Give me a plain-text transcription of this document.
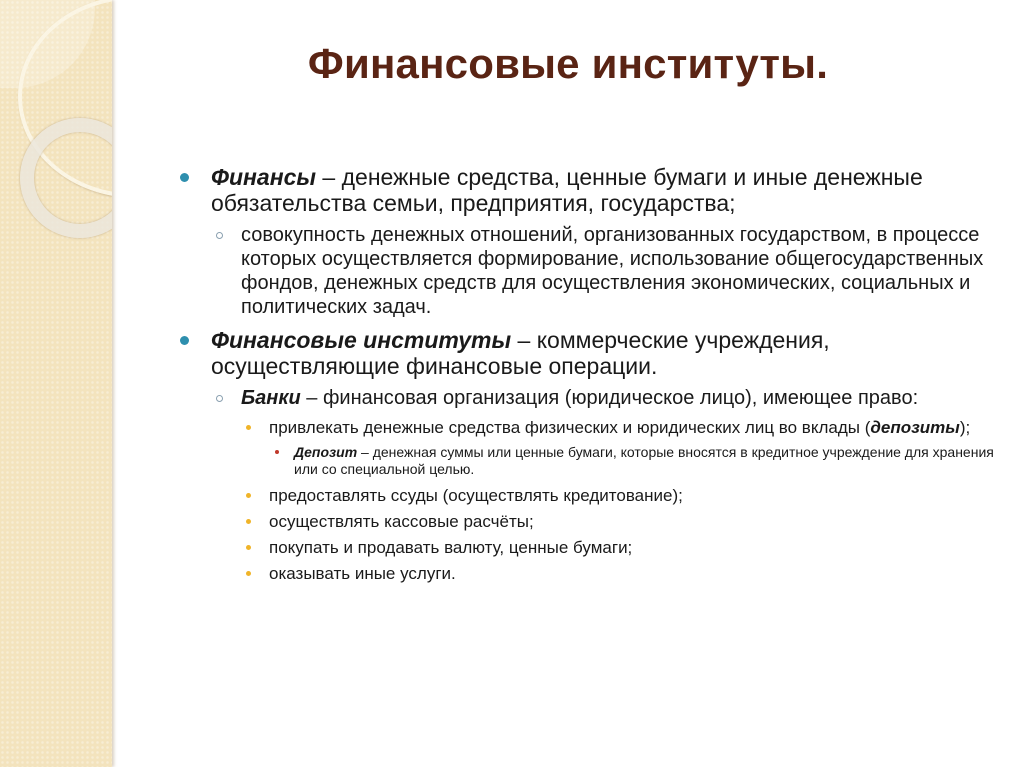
Финансовые институты.
Финансы – денежные средства, ценные бумаги и иные денежные обязательства семьи, предприятия, государства;
совокупность денежных отношений, организованных государством, в процессе которых осуществляется формирование, использование общегосударственных фондов, денежных средств для осуществления экономических, социальных и политических задач.
Финансовые институты – коммерческие учреждения, осуществляющие финансовые операции.
Банки – финансовая организация (юридическое лицо), имеющее право:
привлекать денежные средства физических и юридических лиц во вклады (депозиты);
Депозит – денежная суммы или ценные бумаги, которые вносятся в кредитное учреждение для хранения или со специальной целью.
предоставлять ссуды (осуществлять кредитование);
осуществлять кассовые расчёты;
покупать и продавать валюту, ценные бумаги;
оказывать иные услуги.
